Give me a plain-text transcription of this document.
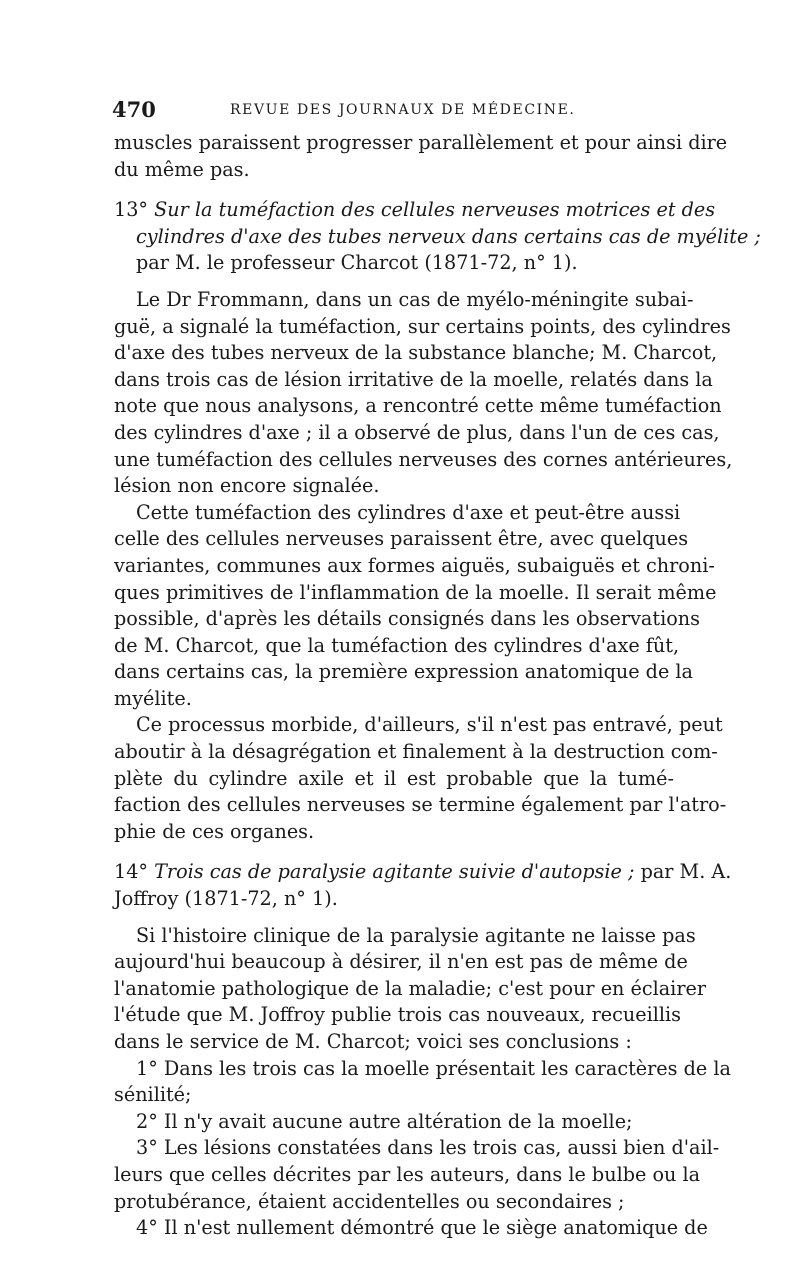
470	REVUE DES JOURNAUX DE MÉDECINE.

muscles paraissent progresser parallèlement et pour ainsi dire
du même pas.

13° Sur la tuméfaction des cellules nerveuses motrices et des
cylindres d'axe des tubes nerveux dans certains cas de myélite ;
par M. le professeur Charcot (1871-72, n° 1).

Le Dr Frommann, dans un cas de myélo-méningite subai-
guë, a signalé la tuméfaction, sur certains points, des cylindres
d'axe des tubes nerveux de la substance blanche; M. Charcot,
dans trois cas de lésion irritative de la moelle, relatés dans la
note que nous analysons, a rencontré cette même tuméfaction
des cylindres d'axe ; il a observé de plus, dans l'un de ces cas,
une tuméfaction des cellules nerveuses des cornes antérieures,
lésion non encore signalée.

Cette tuméfaction des cylindres d'axe et peut-être aussi
celle des cellules nerveuses paraissent être, avec quelques
variantes, communes aux formes aiguës, subaiguës et chroni-
ques primitives de l'inflammation de la moelle. Il serait même
possible, d'après les détails consignés dans les observations
de M. Charcot, que la tuméfaction des cylindres d'axe fût,
dans certains cas, la première expression anatomique de la
myélite.

Ce processus morbide, d'ailleurs, s'il n'est pas entravé, peut
aboutir à la désagrégation et finalement à la destruction com-
plète du cylindre axile et il est probable que la tumé-
faction des cellules nerveuses se termine également par l'atro-
phie de ces organes.

14° Trois cas de paralysie agitante suivie d'autopsie ; par M. A.
Joffroy (1871-72, n° 1).

Si l'histoire clinique de la paralysie agitante ne laisse pas
aujourd'hui beaucoup à désirer, il n'en est pas de même de
l'anatomie pathologique de la maladie; c'est pour en éclairer
l'étude que M. Joffroy publie trois cas nouveaux, recueillis
dans le service de M. Charcot; voici ses conclusions :

1° Dans les trois cas la moelle présentait les caractères de la
sénilité;

2° Il n'y avait aucune autre altération de la moelle;

3° Les lésions constatées dans les trois cas, aussi bien d'ail-
leurs que celles décrites par les auteurs, dans le bulbe ou la
protubérance, étaient accidentelles ou secondaires ;

4° Il n'est nullement démontré que le siège anatomique de
